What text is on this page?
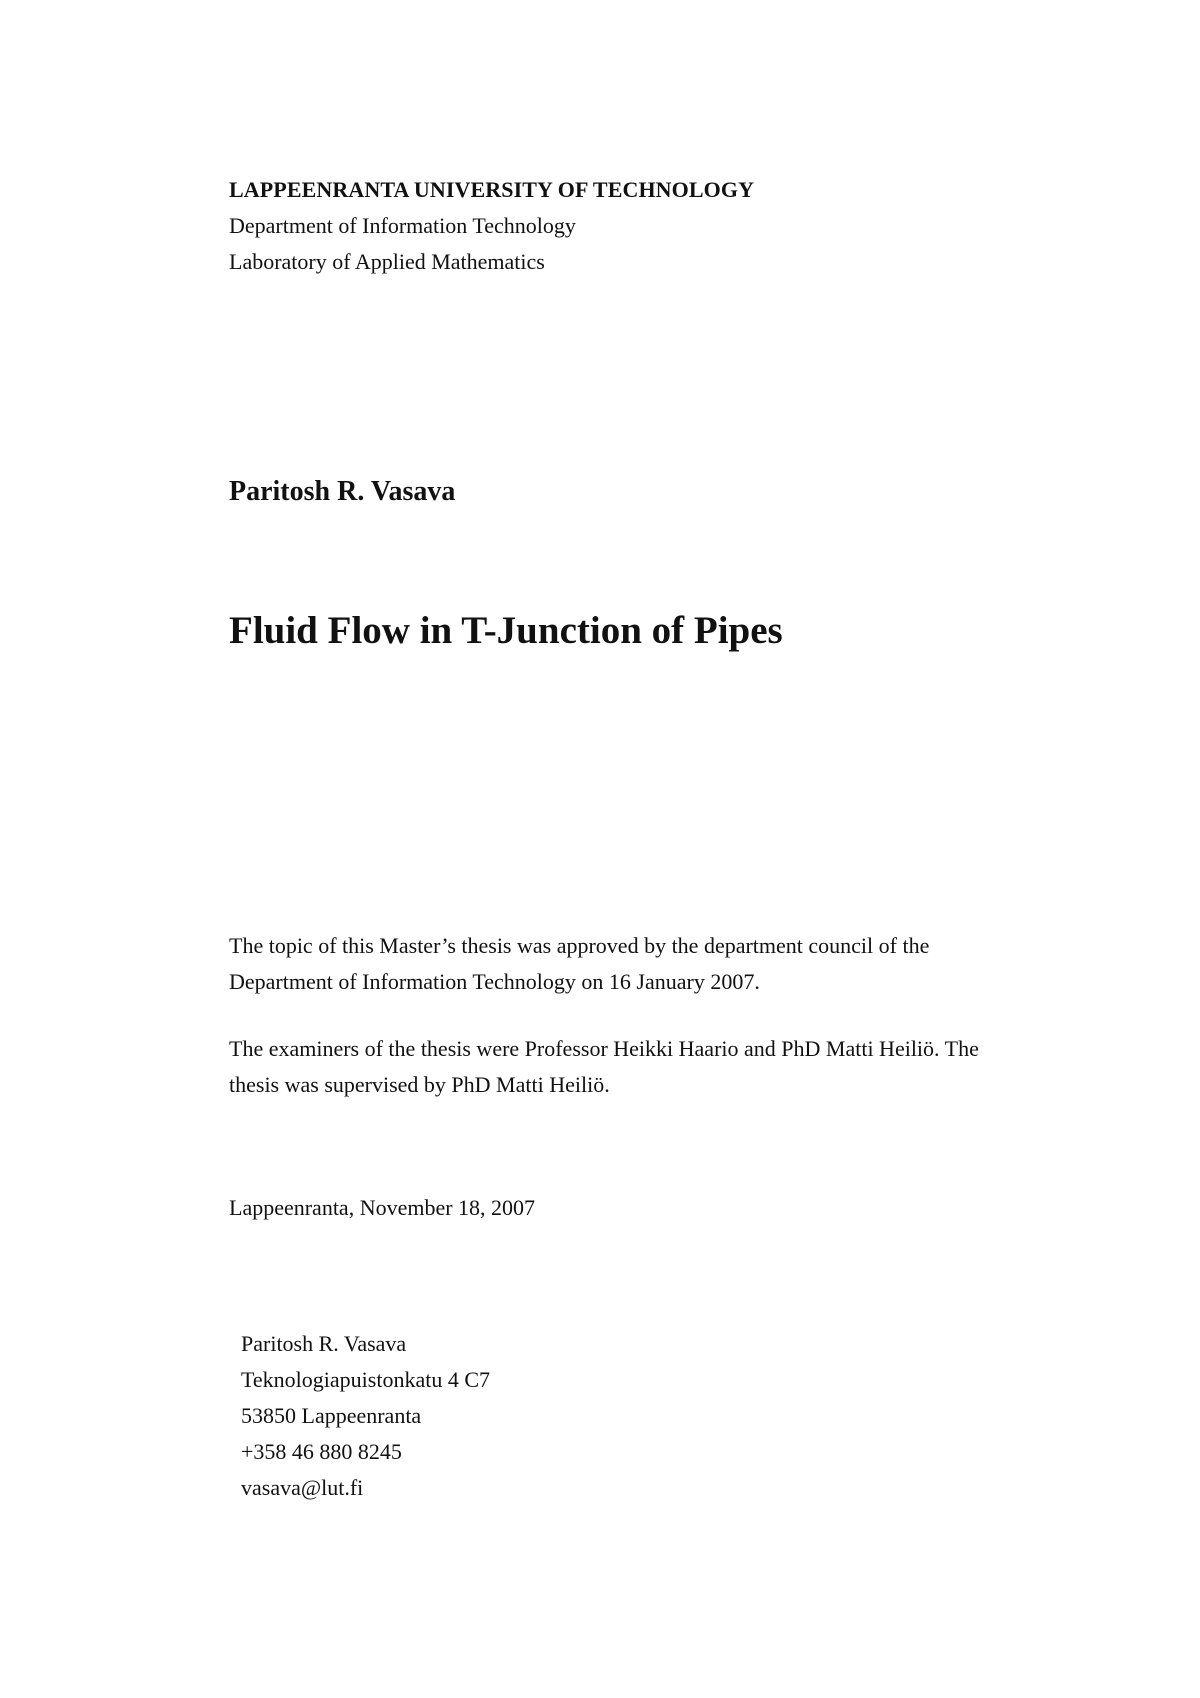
LAPPEENRANTA UNIVERSITY OF TECHNOLOGY
Department of Information Technology
Laboratory of Applied Mathematics
Paritosh R. Vasava
Fluid Flow in T-Junction of Pipes
The topic of this Master’s thesis was approved by the department council of the
Department of Information Technology on 16 January 2007.
The examiners of the thesis were Professor Heikki Haario and PhD Matti Heiliö. The
thesis was supervised by PhD Matti Heiliö.
Lappeenranta, November 18, 2007
Paritosh R. Vasava
Teknologiapuistonkatu 4 C7
53850 Lappeenranta
+358 46 880 8245
vasava@lut.fi
